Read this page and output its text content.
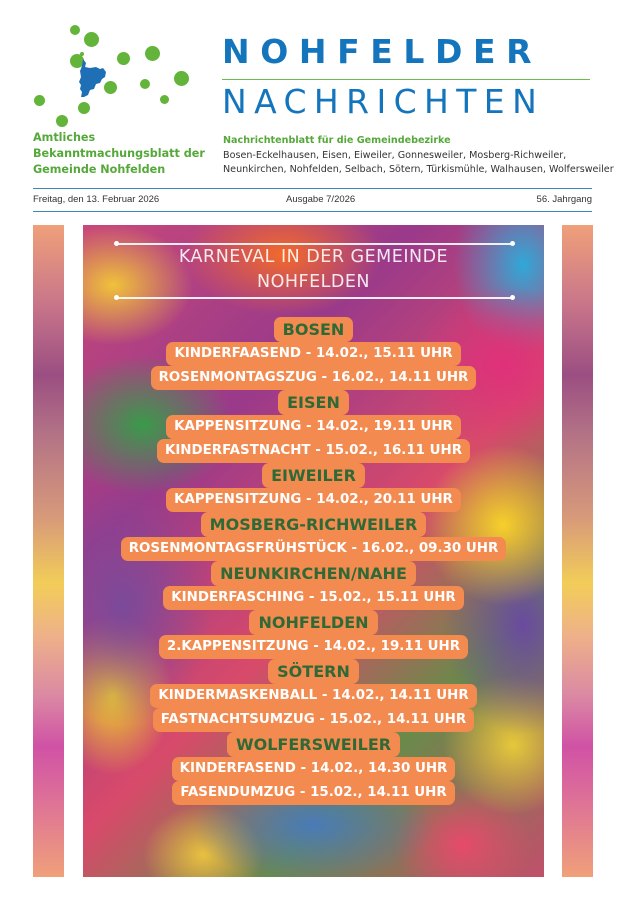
Amtliches
Bekanntmachungsblatt der
Gemeinde Nohfelden
NOHFELDER
NACHRICHTEN
Nachrichtenblatt für die Gemeindebezirke
Bosen-Eckelhausen, Eisen, Eiweiler, Gonnesweiler, Mosberg-Richweiler,
Neunkirchen, Nohfelden, Selbach, Sötern, Türkismühle, Walhausen, Wolfersweiler
Freitag, den 13. Februar 2026	Ausgabe 7/2026	56. Jahrgang
KARNEVAL IN DER GEMEINDE
NOHFELDEN
BOSEN
KINDERFAASEND - 14.02., 15.11 UHR
ROSENMONTAGSZUG - 16.02., 14.11 UHR
EISEN
KAPPENSITZUNG - 14.02., 19.11 UHR
KINDERFASTNACHT - 15.02., 16.11 UHR
EIWEILER
KAPPENSITZUNG - 14.02., 20.11 UHR
MOSBERG-RICHWEILER
ROSENMONTAGSFRÜHSTÜCK - 16.02., 09.30 UHR
NEUNKIRCHEN/NAHE
KINDERFASCHING - 15.02., 15.11 UHR
NOHFELDEN
2.KAPPENSITZUNG - 14.02., 19.11 UHR
SÖTERN
KINDERMASKENBALL - 14.02., 14.11 UHR
FASTNACHTSUMZUG - 15.02., 14.11 UHR
WOLFERSWEILER
KINDERFASEND - 14.02., 14.30 UHR
FASENDUMZUG - 15.02., 14.11 UHR
